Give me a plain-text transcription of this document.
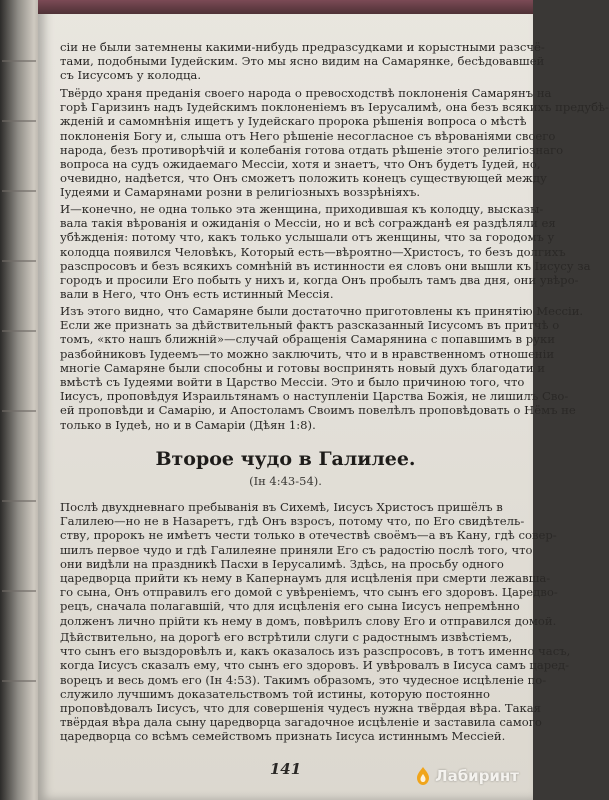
сіи не были затемнены какими-нибудь предразсудками и корыстными разсчё-
тами, подобными Іудейским. Это мы ясно видим на Самарянке, бесѣдовавшей
съ Іисусомъ у колодца.
Твёрдо храня преданія своего народа о превосходствѣ поклоненія Самарянъ на
горѣ Гаризинъ надъ Іудейскимъ поклоненіемъ въ Іерусалимѣ, она безъ всякихъ предубѣ-
жденій и самомнѣнія ищетъ у Іудейскаго пророка рѣшенія вопроса о мѣстѣ
поклоненія Богу и, слыша отъ Него рѣшеніе несогласное съ вѣрованіями своего
народа, безъ противорѣчій и колебанія готова отдать рѣшеніе этого религіознаго
вопроса на судъ ожидаемаго Мессіи, хотя и знаетъ, что Онъ будетъ Іудей, но,
очевидно, надѣется, что Онъ сможетъ положить конецъ существующей между
Іудеями и Самарянами розни в религіозныхъ воззрѣніяхъ.
И—конечно, не одна только эта женщина, приходившая къ колодцу, высказы-
вала такія вѣрованія и ожиданія о Мессіи, но и всѣ согражданѣ ея раздѣляли ея
убѣжденія: потому что, какъ только услышали отъ женщины, что за городомъ у
колодца появился Человѣкъ, Который есть—вѣроятно—Христосъ, то безъ долгихъ
разспросовъ и безъ всякихъ сомнѣній въ истинности ея словъ они вышли къ Іисусу за
городъ и просили Его побыть у нихъ и, когда Онъ пробылъ тамъ два дня, они увѣро-
вали в Него, что Онъ есть истинный Мессія.
Изъ этого видно, что Самаряне были достаточно приготовлены къ принятію Мессіи.
Если же признать за дѣйствительный фактъ разсказанный Іисусомъ въ притчѣ о
томъ, «кто нашъ ближній»—случай обращенія Самарянина с попавшимъ в руки
разбойниковъ Іудеемъ—то можно заключить, что и в нравственномъ отношеніи
многіе Самаряне были способны и готовы воспринять новый духъ благодати и
вмѣстѣ съ Іудеями войти в Царство Мессіи. Это и было причиною того, что
Іисусъ, проповѣдуя Израильтянамъ о наступленіи Царства Божія, не лишилъ Сво-
ей проповѣди и Самарію, и Апостоламъ Своимъ повелѣлъ проповѣдовать о Нёмъ не
только в Іудеѣ, но и в Самаріи (Дѣян 1:8).
Второе чудо в Галилее.
(Ін 4:43-54).
Послѣ двухдневнаго пребыванія въ Сихемѣ, Іисусъ Христосъ пришёлъ в
Галилею—но не в Назаретъ, гдѣ Онъ взросъ, потому что, по Его свидѣтель-
ству, пророкъ не имѣетъ чести только в отечествѣ своёмъ—а въ Кану, гдѣ совер-
шилъ первое чудо и гдѣ Галилеяне приняли Его съ радостію послѣ того, что
они видѣли на праздникѣ Пасхи в Іерусалимѣ. Здѣсь, на просьбу одного
царедворца прийти къ нему в Капернаумъ для исцѣленія при смерти лежавша-
го сына, Онъ отправилъ его домой с увѣреніемъ, что сынъ его здоровъ. Царедво-
рецъ, сначала полагавшій, что для исцѣленія его сына Іисусъ непремѣнно
долженъ лично прійти къ нему в домъ, повѣрилъ слову Его и отправился домой.
Дѣйствительно, на дорогѣ его встрѣтили слуги с радостнымъ извѣстіемъ,
что сынъ его выздоровѣлъ и, какъ оказалось изъ разспросовъ, в тотъ именно часъ,
когда Іисусъ сказалъ ему, что сынъ его здоровъ. И увѣровалъ в Іисуса самъ царед-
ворецъ и весь домъ его (Ін 4:53). Такимъ образомъ, это чудесное исцѣленіе по-
служило лучшимъ доказательствомъ той истины, которую постоянно
проповѣдовалъ Іисусъ, что для совершенія чудесъ нужна твёрдая вѣра. Такая
твёрдая вѣра дала сыну царедворца загадочное исцѣленіе и заставила самого
царедворца со всѣмъ семействомъ признать Іисуса истиннымъ Мессіей.
141	Лабиринт
